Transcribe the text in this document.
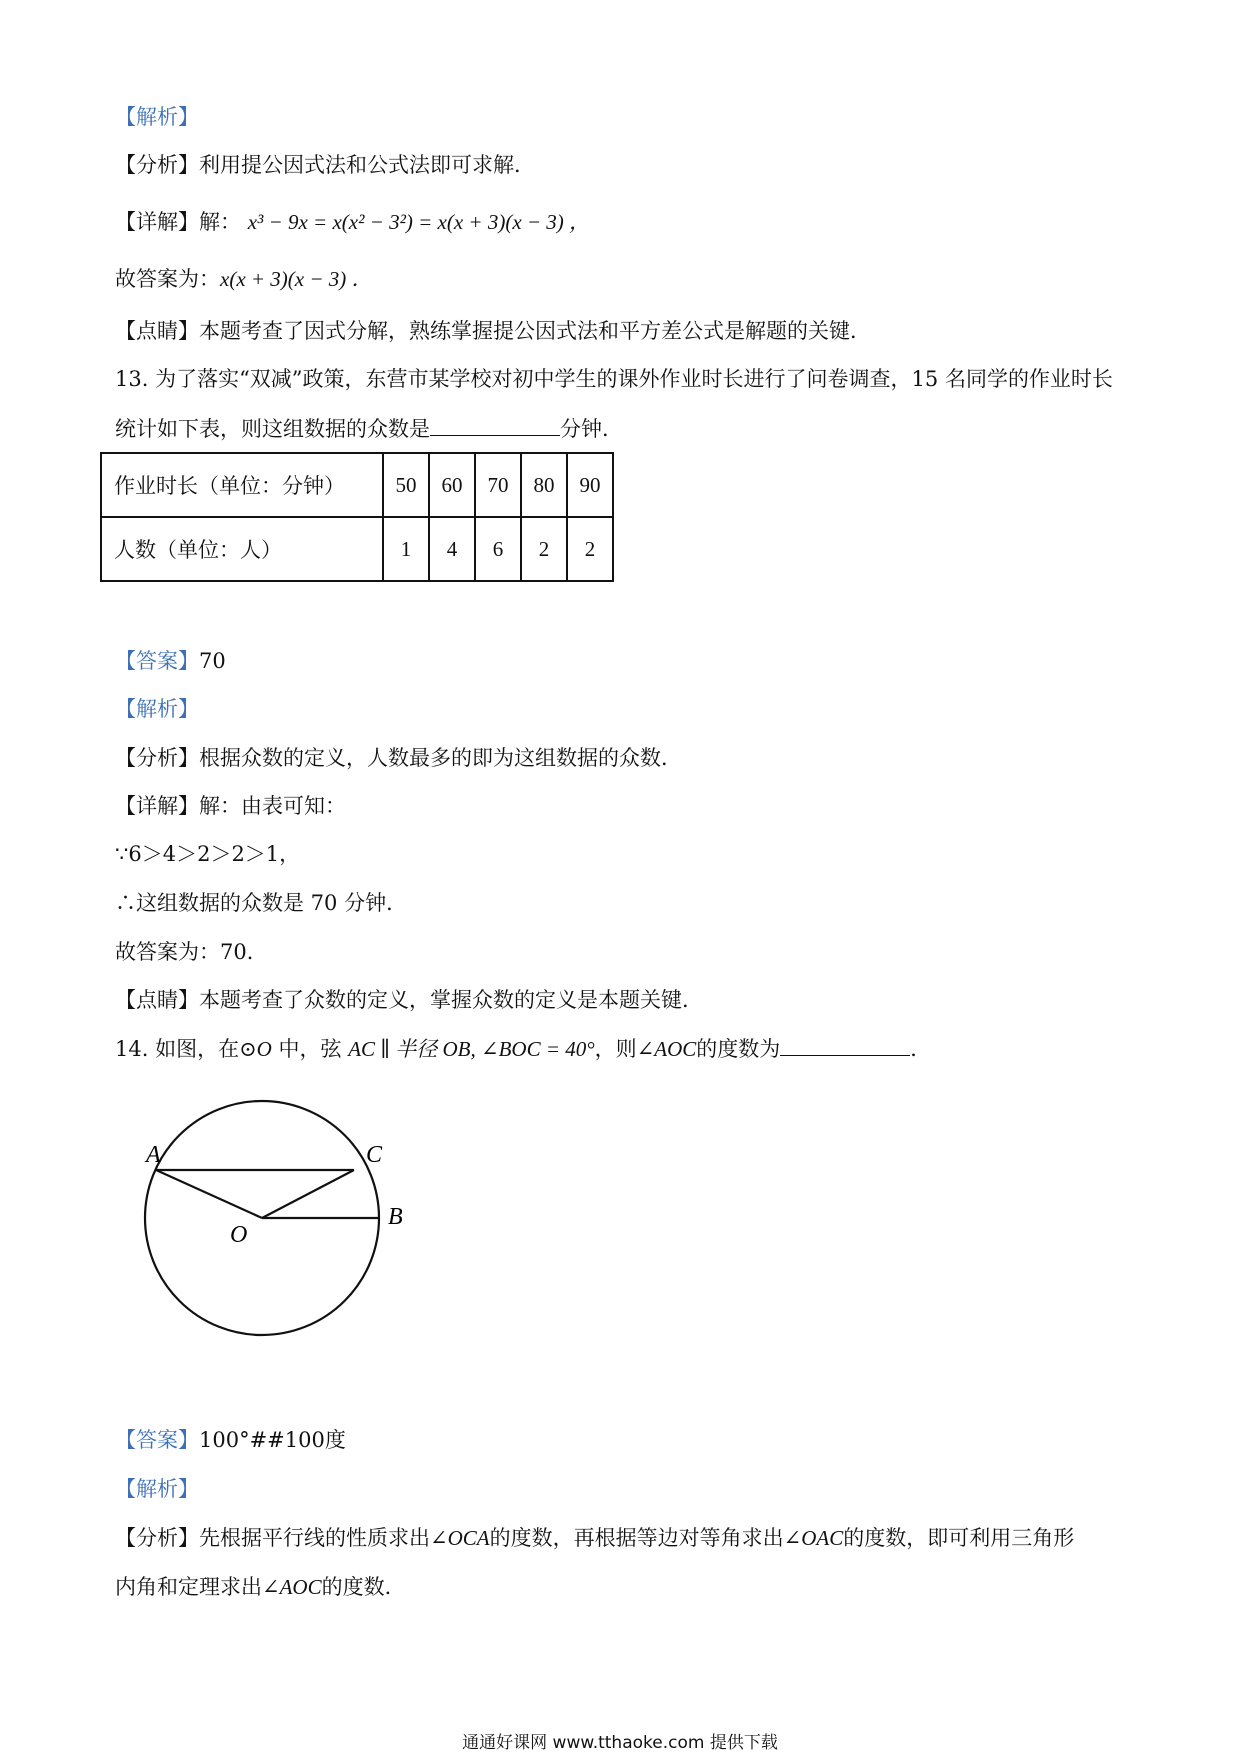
【解析】
【分析】利用提公因式法和公式法即可求解．
【详解】解： x³ − 9x = x(x² − 3²) = x(x + 3)(x − 3) ，
故答案为：x(x + 3)(x − 3) ．
【点睛】本题考查了因式分解，熟练掌握提公因式法和平方差公式是解题的关键．
13. 为了落实“双减”政策，东营市某学校对初中学生的课外作业时长进行了问卷调查，15 名同学的作业时长
统计如下表，则这组数据的众数是	分钟．
作业时长（单位：分钟）	50	60	70	80	90
人数（单位：人）	1	4	6	2	2
【答案】70
【解析】
【分析】根据众数的定义，人数最多的即为这组数据的众数．
【详解】解：由表可知：
∵6＞4＞2＞2＞1，
∴这组数据的众数是 70 分钟．
故答案为：70．
【点睛】本题考查了众数的定义，掌握众数的定义是本题关键．
14. 如图，在⊙O 中，弦 AC ∥ 半径 OB, ∠BOC = 40°，则∠AOC的度数为	．
A	C
O
B
【答案】100°##100度
【解析】
【分析】先根据平行线的性质求出∠OCA的度数，再根据等边对等角求出∠OAC的度数，即可利用三角形
内角和定理求出∠AOC的度数．
通通好课网 www.tthaoke.com 提供下载
